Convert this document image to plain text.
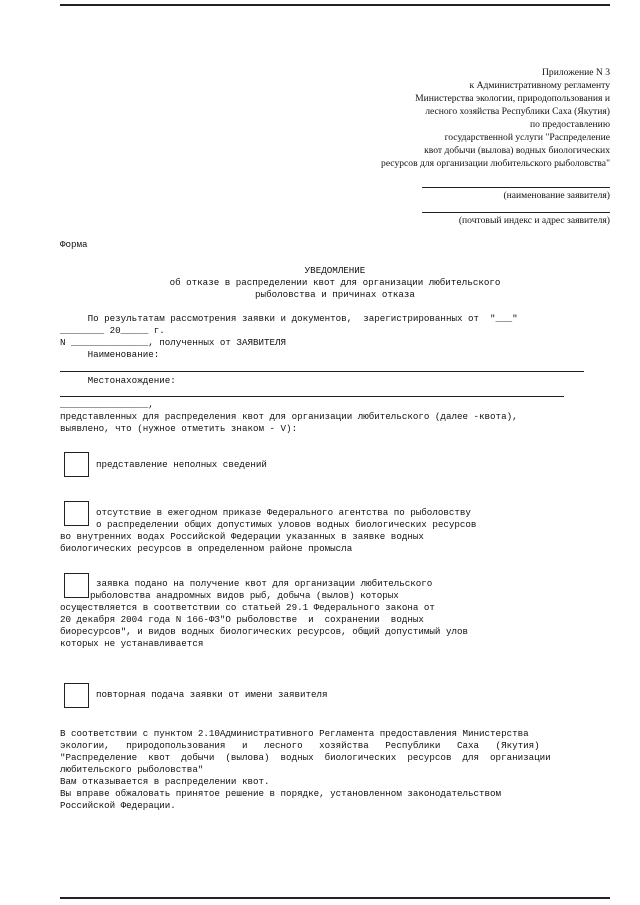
Приложение N 3
к Административному регламенту
Министерства экологии, природопользования и
лесного хозяйства Республики Саха (Якутия)
по предоставлению
государственной услуги "Распределение
квот добычи (вылова) водных биологических
ресурсов для организации любительского рыболовства"
(наименование заявителя)
(почтовый индекс и адрес заявителя)
Форма
УВЕДОМЛЕНИЕ
об отказе в распределении квот для организации любительского
рыболовства и причинах отказа
По результатам рассмотрения заявки и документов,  зарегистрированных от  "___"
________ 20_____ г.
N ______________, полученных от ЗАЯВИТЕЛЯ
Наименование:
Местонахождение:
________________,
представленных для распределения квот для организации любительского (далее -квота),
выявлено, что (нужное отметить знаком - V):
представление неполных сведений
отсутствие в ежегодном приказе Федерального агентства по рыболовству
о распределении общих допустимых уловов водных биологических ресурсов
во внутренних водах Российской Федерации указанных в заявке водных
биологических ресурсов в определенном районе промысла
заявка подано на получение квот для организации любительского
рыболовства анадромных видов рыб, добыча (вылов) которых
осуществляется в соответствии со статьей 29.1 Федерального закона от
20 декабря 2004 года N 166-ФЗ"О рыболовстве  и  сохранении  водных
биоресурсов", и видов водных биологических ресурсов, общий допустимый улов
которых не устанавливается
повторная подача заявки от имени заявителя
В соответствии с пунктом 2.10Административного Регламента предоставления Министерства
экологии,   природопользования   и   лесного   хозяйства   Республики   Саха   (Якутия)
"Распределение  квот  добычи  (вылова)  водных  биологических  ресурсов  для  организации
любительского рыболовства"
Вам отказывается в распределении квот.
Вы вправе обжаловать принятое решение в порядке, установленном законодательством
Российской Федерации.
